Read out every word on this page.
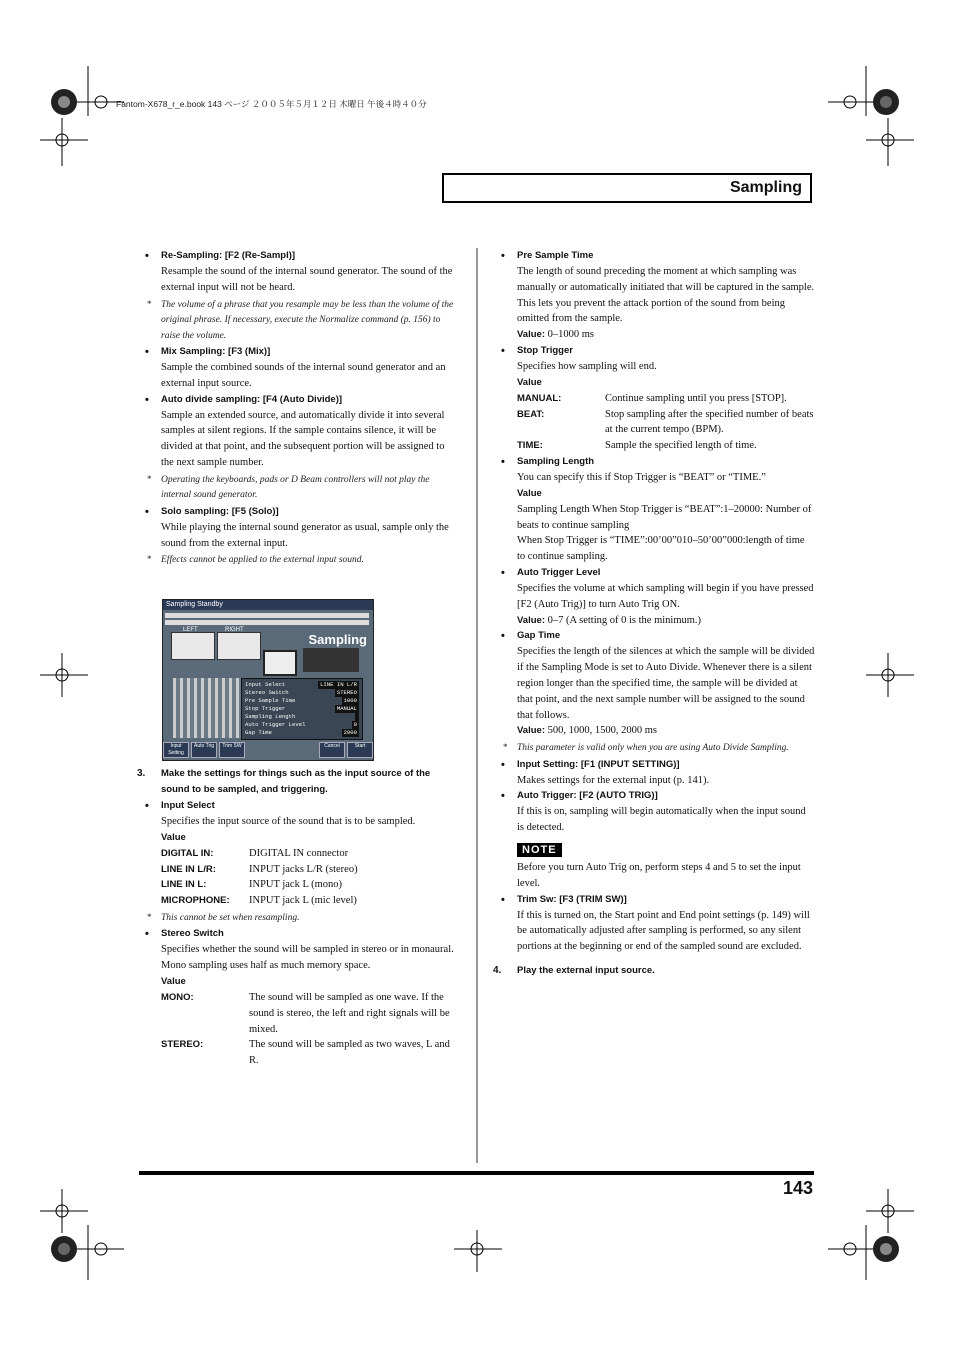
Fantom-X678_r_e.book 143 ページ ２００５年５月１２日 木曜日 午後４時４０分
Sampling
• Re-Sampling: [F2 (Re-Sampl)]
Resample the sound of the internal sound generator. The sound of the external input will not be heard.
* The volume of a phrase that you resample may be less than the volume of the original phrase. If necessary, execute the Normalize command (p. 156) to raise the volume.
• Mix Sampling: [F3 (Mix)]
Sample the combined sounds of the internal sound generator and an external input source.
• Auto divide sampling: [F4 (Auto Divide)]
Sample an extended source, and automatically divide it into several samples at silent regions. If the sample contains silence, it will be divided at that point, and the subsequent portion will be assigned to the next sample number.
* Operating the keyboards, pads or D Beam controllers will not play the internal sound generator.
• Solo sampling: [F5 (Solo)]
While playing the internal sound generator as usual, sample only the sound from the external input.
* Effects cannot be applied to the external input sound.
Sampling Standby
LEFT	RIGHT
Sampling
Input Select	LINE IN L/R
Stereo Switch	STEREO
Pre Sample Time	1000
Stop Trigger	MANUAL
Sampling Length
Auto Trigger Level	0
Gap Time	2000
Input Setting
Auto Trig	Trim SW	Cancel	Start
3. Make the settings for things such as the input source of the sound to be sampled, and triggering.
• Input Select
Specifies the input source of the sound that is to be sampled.
Value
DIGITAL IN:	DIGITAL IN connector
LINE IN L/R:	INPUT jacks L/R (stereo)
LINE IN L:	INPUT jack L (mono)
MICROPHONE:	INPUT jack L (mic level)
* This cannot be set when resampling.
• Stereo Switch
Specifies whether the sound will be sampled in stereo or in monaural. Mono sampling uses half as much memory space.
Value
MONO:	The sound will be sampled as one wave. If the sound is stereo, the left and right signals will be mixed.
STEREO:	The sound will be sampled as two waves, L and R.
• Pre Sample Time
The length of sound preceding the moment at which sampling was manually or automatically initiated that will be captured in the sample. This lets you prevent the attack portion of the sound from being omitted from the sample.
Value: 0–1000 ms
• Stop Trigger
Specifies how sampling will end.
Value
MANUAL:	Continue sampling until you press [STOP].
BEAT:	Stop sampling after the specified number of beats at the current tempo (BPM).
TIME:	Sample the specified length of time.
• Sampling Length
You can specify this if Stop Trigger is “BEAT” or “TIME.”
Value
Sampling Length When Stop Trigger is “BEAT”:1–20000: Number of beats to continue sampling
When Stop Trigger is “TIME”:00’00”010–50’00”000:length of time to continue sampling.
• Auto Trigger Level
Specifies the volume at which sampling will begin if you have pressed [F2 (Auto Trig)] to turn Auto Trig ON.
Value: 0–7 (A setting of 0 is the minimum.)
• Gap Time
Specifies the length of the silences at which the sample will be divided if the Sampling Mode is set to Auto Divide. Whenever there is a silent region longer than the specified time, the sample will be divided at that point, and the next sample number will be assigned to the sound that follows.
Value: 500, 1000, 1500, 2000 ms
* This parameter is valid only when you are using Auto Divide Sampling.
• Input Setting: [F1 (INPUT SETTING)]
Makes settings for the external input (p. 141).
• Auto Trigger: [F2 (AUTO TRIG)]
If this is on, sampling will begin automatically when the input sound is detected.
NOTE
Before you turn Auto Trig on, perform steps 4 and 5 to set the input level.
• Trim Sw: [F3 (TRIM SW)]
If this is turned on, the Start point and End point settings (p. 149) will be automatically adjusted after sampling is performed, so any silent portions at the beginning or end of the sampled sound are excluded.
4. Play the external input source.
143
